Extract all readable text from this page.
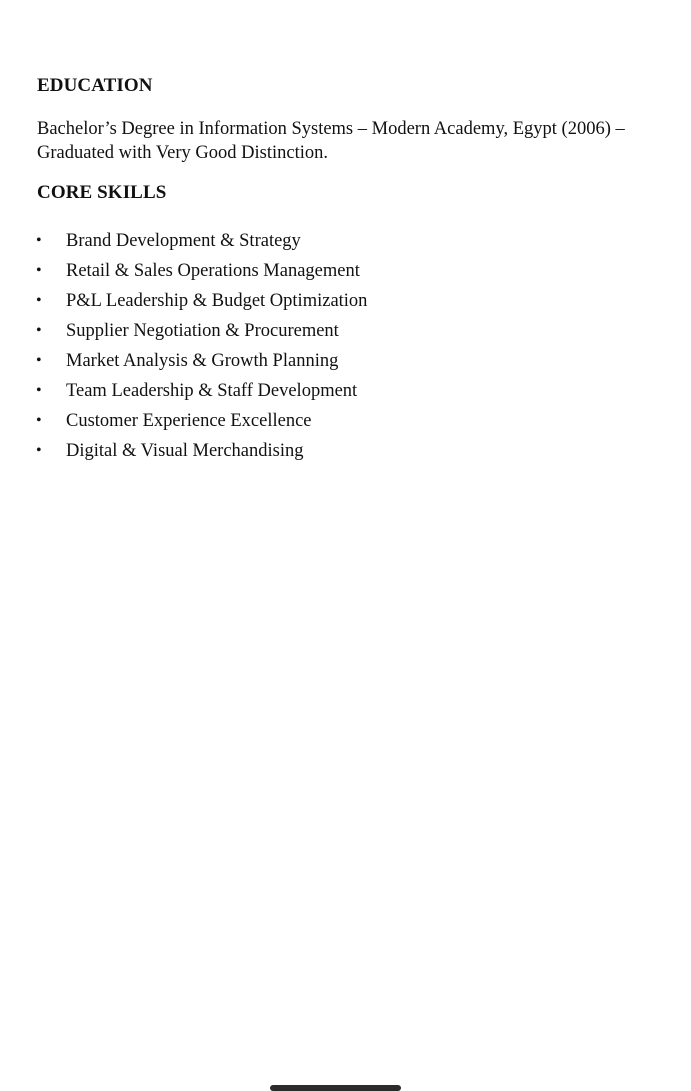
EDUCATION

Bachelor’s Degree in Information Systems – Modern Academy, Egypt (2006) –
Graduated with Very Good Distinction.

CORE SKILLS
• Brand Development & Strategy
• Retail & Sales Operations Management
• P&L Leadership & Budget Optimization
• Supplier Negotiation & Procurement
• Market Analysis & Growth Planning
• Team Leadership & Staff Development
• Customer Experience Excellence
• Digital & Visual Merchandising
